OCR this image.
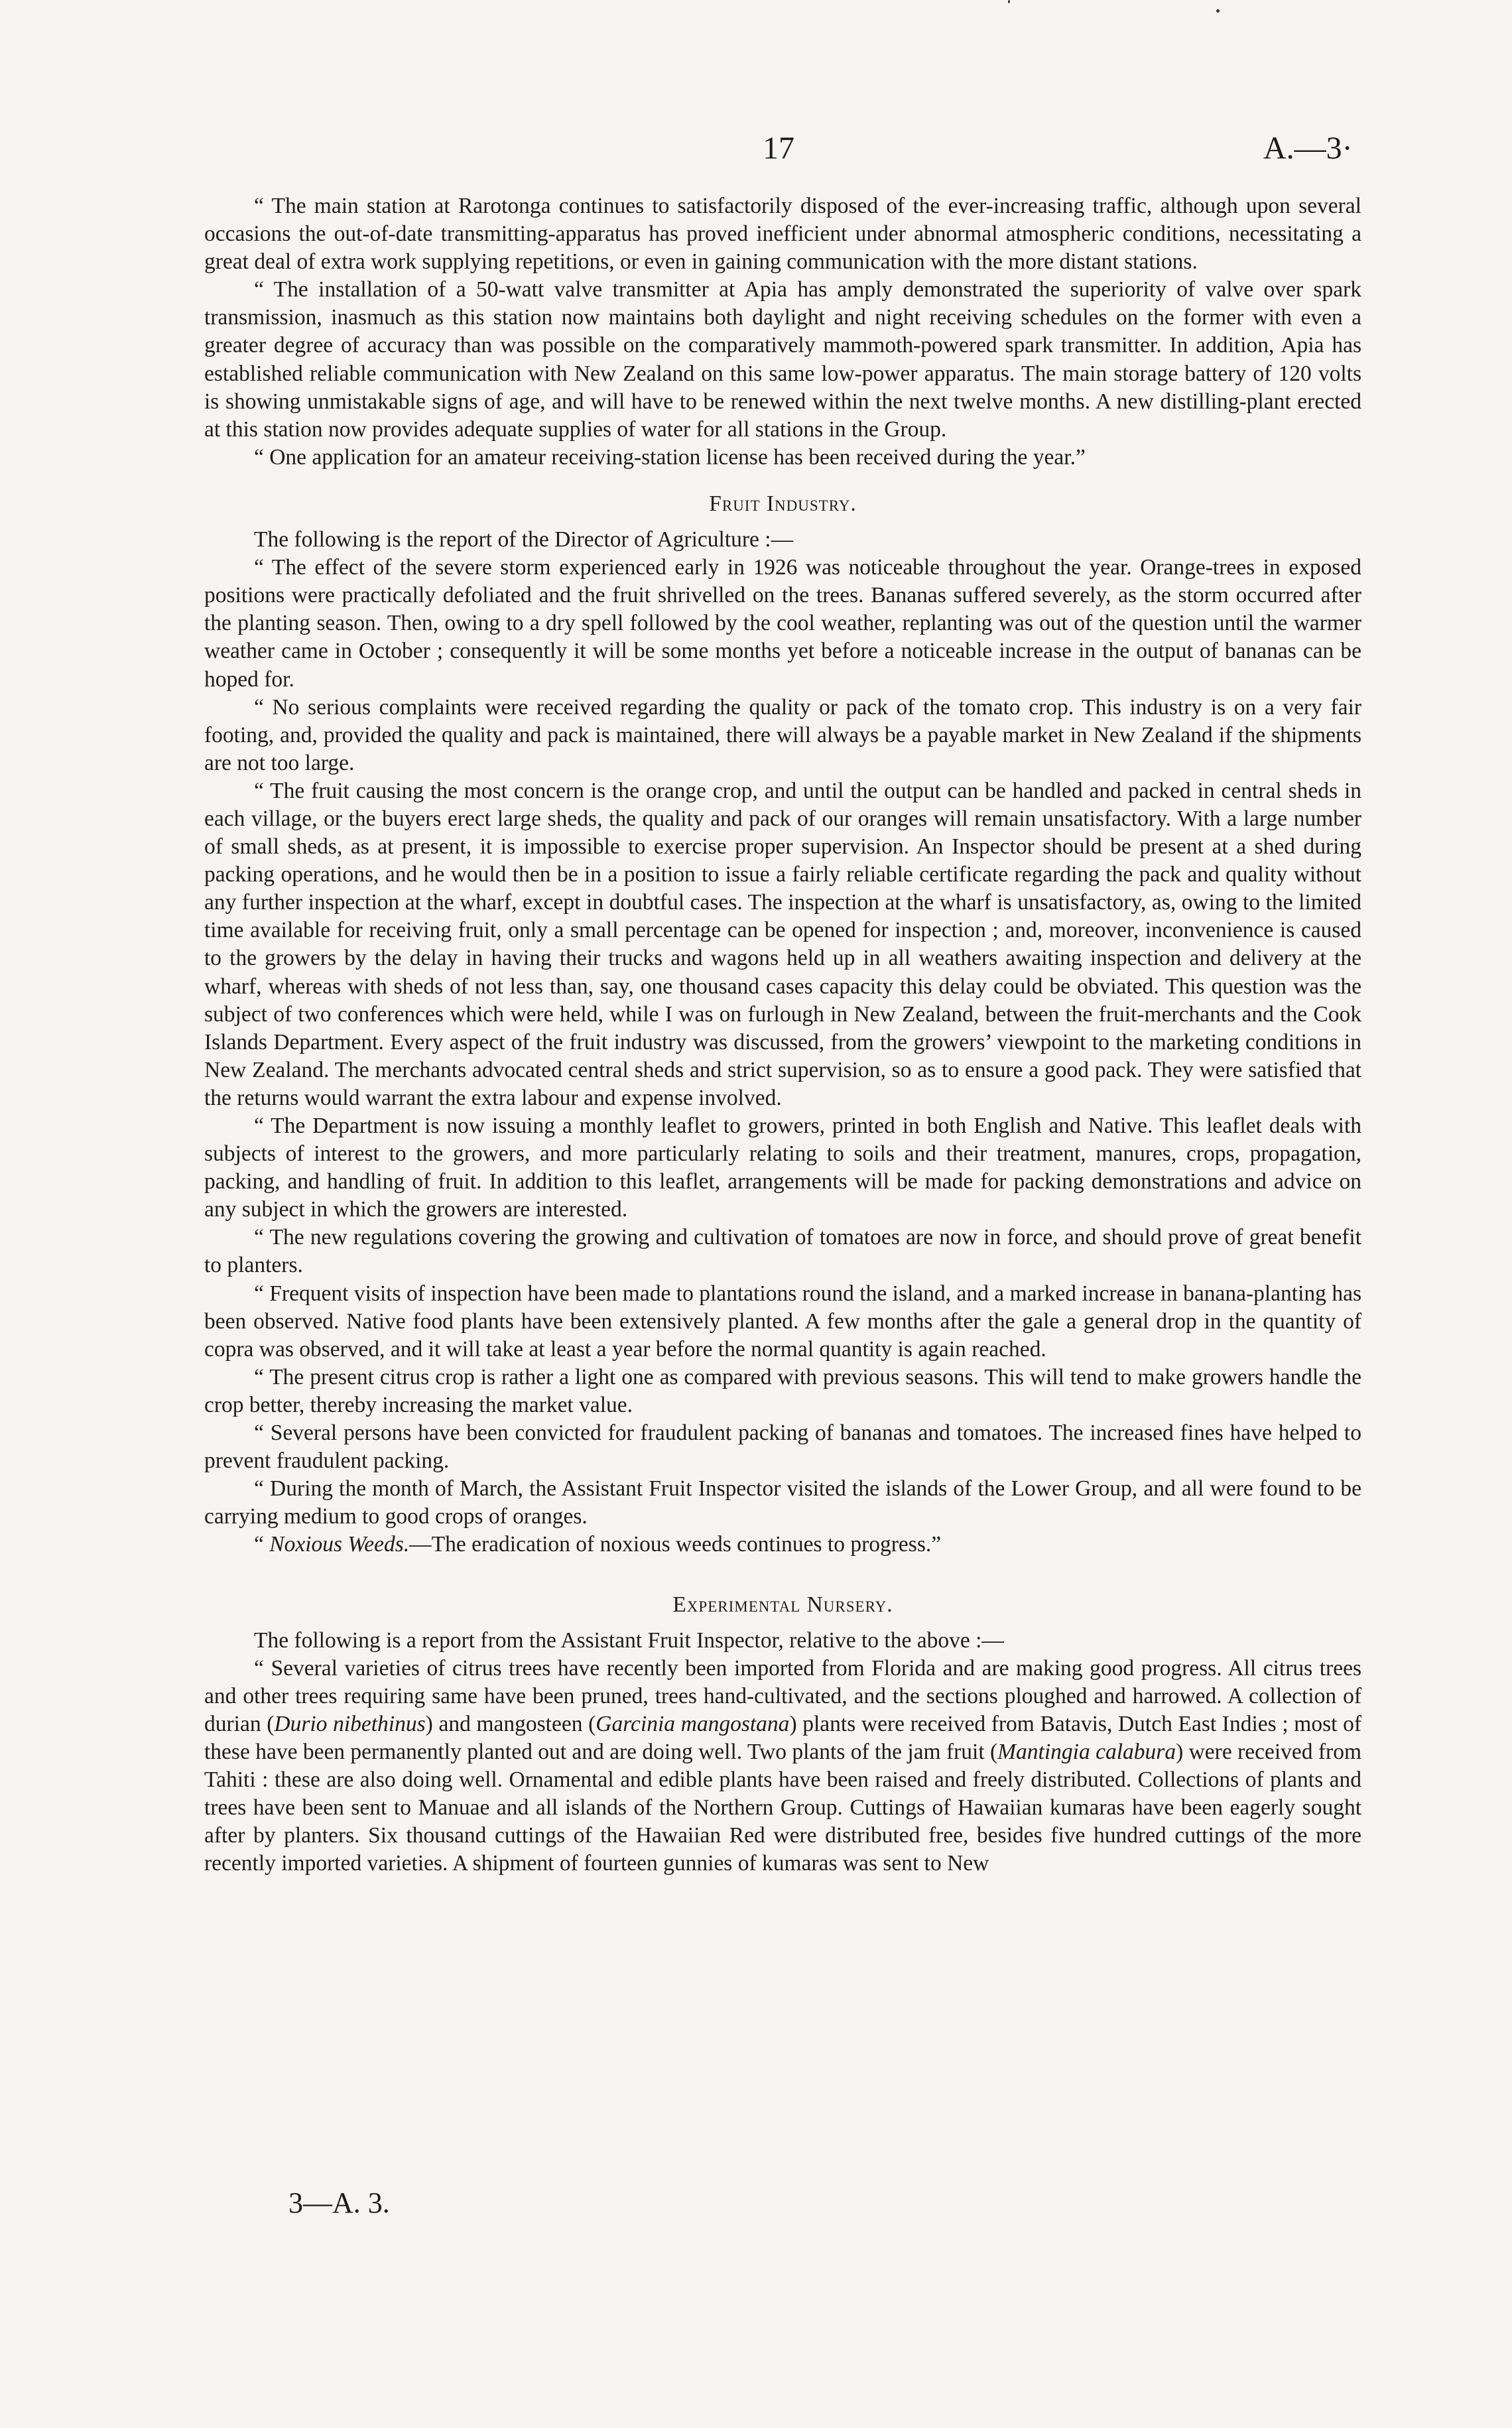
17	A.—3·

“ The main station at Rarotonga continues to satisfactorily disposed of the ever-increasing traffic, although upon several occasions the out-of-date transmitting-apparatus has proved inefficient under abnormal atmospheric conditions, necessitating a great deal of extra work supplying repetitions, or even in gaining communication with the more distant stations.

“ The installation of a 50-watt valve transmitter at Apia has amply demonstrated the superiority of valve over spark transmission, inasmuch as this station now maintains both daylight and night receiving schedules on the former with even a greater degree of accuracy than was possible on the comparatively mammoth-powered spark transmitter. In addition, Apia has established reliable communication with New Zealand on this same low-power apparatus. The main storage battery of 120 volts is showing unmistakable signs of age, and will have to be renewed within the next twelve months. A new distilling-plant erected at this station now provides adequate supplies of water for all stations in the Group.

“ One application for an amateur receiving-station license has been received during the year.”

Fruit Industry.

The following is the report of the Director of Agriculture :—

“ The effect of the severe storm experienced early in 1926 was noticeable throughout the year. Orange-trees in exposed positions were practically defoliated and the fruit shrivelled on the trees. Bananas suffered severely, as the storm occurred after the planting season. Then, owing to a dry spell followed by the cool weather, replanting was out of the question until the warmer weather came in October ; consequently it will be some months yet before a noticeable increase in the output of bananas can be hoped for.

“ No serious complaints were received regarding the quality or pack of the tomato crop. This industry is on a very fair footing, and, provided the quality and pack is maintained, there will always be a payable market in New Zealand if the shipments are not too large.

“ The fruit causing the most concern is the orange crop, and until the output can be handled and packed in central sheds in each village, or the buyers erect large sheds, the quality and pack of our oranges will remain unsatisfactory. With a large number of small sheds, as at present, it is impossible to exercise proper supervision. An Inspector should be present at a shed during packing operations, and he would then be in a position to issue a fairly reliable certificate regarding the pack and quality without any further inspection at the wharf, except in doubtful cases. The inspection at the wharf is unsatisfactory, as, owing to the limited time available for receiving fruit, only a small percentage can be opened for inspection ; and, moreover, inconvenience is caused to the growers by the delay in having their trucks and wagons held up in all weathers awaiting inspection and delivery at the wharf, whereas with sheds of not less than, say, one thousand cases capacity this delay could be obviated. This question was the subject of two conferences which were held, while I was on furlough in New Zealand, between the fruit-merchants and the Cook Islands Department. Every aspect of the fruit industry was discussed, from the growers’ viewpoint to the marketing conditions in New Zealand. The merchants advocated central sheds and strict supervision, so as to ensure a good pack. They were satisfied that the returns would warrant the extra labour and expense involved.

“ The Department is now issuing a monthly leaflet to growers, printed in both English and Native. This leaflet deals with subjects of interest to the growers, and more particularly relating to soils and their treatment, manures, crops, propagation, packing, and handling of fruit. In addition to this leaflet, arrangements will be made for packing demonstrations and advice on any subject in which the growers are interested.

“ The new regulations covering the growing and cultivation of tomatoes are now in force, and should prove of great benefit to planters.

“ Frequent visits of inspection have been made to plantations round the island, and a marked increase in banana-planting has been observed. Native food plants have been extensively planted. A few months after the gale a general drop in the quantity of copra was observed, and it will take at least a year before the normal quantity is again reached.

“ The present citrus crop is rather a light one as compared with previous seasons. This will tend to make growers handle the crop better, thereby increasing the market value.

“ Several persons have been convicted for fraudulent packing of bananas and tomatoes. The increased fines have helped to prevent fraudulent packing.

“ During the month of March, the Assistant Fruit Inspector visited the islands of the Lower Group, and all were found to be carrying medium to good crops of oranges.

“ Noxious Weeds.—The eradication of noxious weeds continues to progress.”

Experimental Nursery.

The following is a report from the Assistant Fruit Inspector, relative to the above :—

“ Several varieties of citrus trees have recently been imported from Florida and are making good progress. All citrus trees and other trees requiring same have been pruned, trees hand-cultivated, and the sections ploughed and harrowed. A collection of durian (Durio nibethinus) and mangosteen (Garcinia mangostana) plants were received from Batavis, Dutch East Indies ; most of these have been permanently planted out and are doing well. Two plants of the jam fruit (Mantingia calabura) were received from Tahiti : these are also doing well. Ornamental and edible plants have been raised and freely distributed. Collections of plants and trees have been sent to Manuae and all islands of the Northern Group. Cuttings of Hawaiian kumaras have been eagerly sought after by planters. Six thousand cuttings of the Hawaiian Red were distributed free, besides five hundred cuttings of the more recently imported varieties. A shipment of fourteen gunnies of kumaras was sent to New

3—A. 3.
